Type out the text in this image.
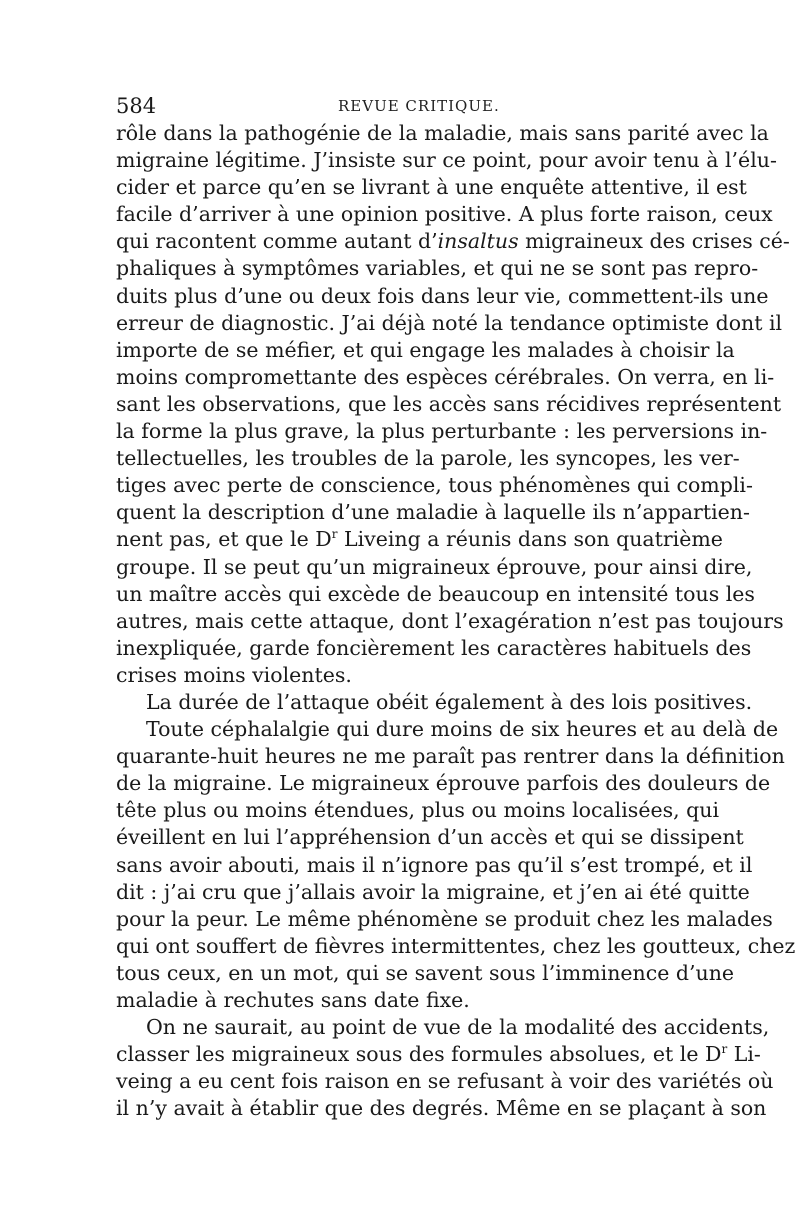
584	REVUE CRITIQUE.
rôle dans la pathogénie de la maladie, mais sans parité avec la
migraine légitime. J’insiste sur ce point, pour avoir tenu à l’élu-
cider et parce qu’en se livrant à une enquête attentive, il est
facile d’arriver à une opinion positive. A plus forte raison, ceux
qui racontent comme autant d’insaltus migraineux des crises cé-
phaliques à symptômes variables, et qui ne se sont pas repro-
duits plus d’une ou deux fois dans leur vie, commettent-ils une
erreur de diagnostic. J’ai déjà noté la tendance optimiste dont il
importe de se méfier, et qui engage les malades à choisir la
moins compromettante des espèces cérébrales. On verra, en li-
sant les observations, que les accès sans récidives représentent
la forme la plus grave, la plus perturbante : les perversions in-
tellectuelles, les troubles de la parole, les syncopes, les ver-
tiges avec perte de conscience, tous phénomènes qui compli-
quent la description d’une maladie à laquelle ils n’appartien-
nent pas, et que le $D^r$ Liveing a réunis dans son quatrième
groupe. Il se peut qu’un migraineux éprouve, pour ainsi dire,
un maître accès qui excède de beaucoup en intensité tous les
autres, mais cette attaque, dont l’exagération n’est pas toujours
inexpliquée, garde foncièrement les caractères habituels des
crises moins violentes.
La durée de l’attaque obéit également à des lois positives.
Toute céphalalgie qui dure moins de six heures et au delà de
quarante-huit heures ne me paraît pas rentrer dans la définition
de la migraine. Le migraineux éprouve parfois des douleurs de
tête plus ou moins étendues, plus ou moins localisées, qui
éveillent en lui l’appréhension d’un accès et qui se dissipent
sans avoir abouti, mais il n’ignore pas qu’il s’est trompé, et il
dit : j’ai cru que j’allais avoir la migraine, et j’en ai été quitte
pour la peur. Le même phénomène se produit chez les malades
qui ont souffert de fièvres intermittentes, chez les goutteux, chez
tous ceux, en un mot, qui se savent sous l’imminence d’une
maladie à rechutes sans date fixe.
On ne saurait, au point de vue de la modalité des accidents,
classer les migraineux sous des formules absolues, et le $D^r$ Li-
veing a eu cent fois raison en se refusant à voir des variétés où
il n’y avait à établir que des degrés. Même en se plaçant à son
